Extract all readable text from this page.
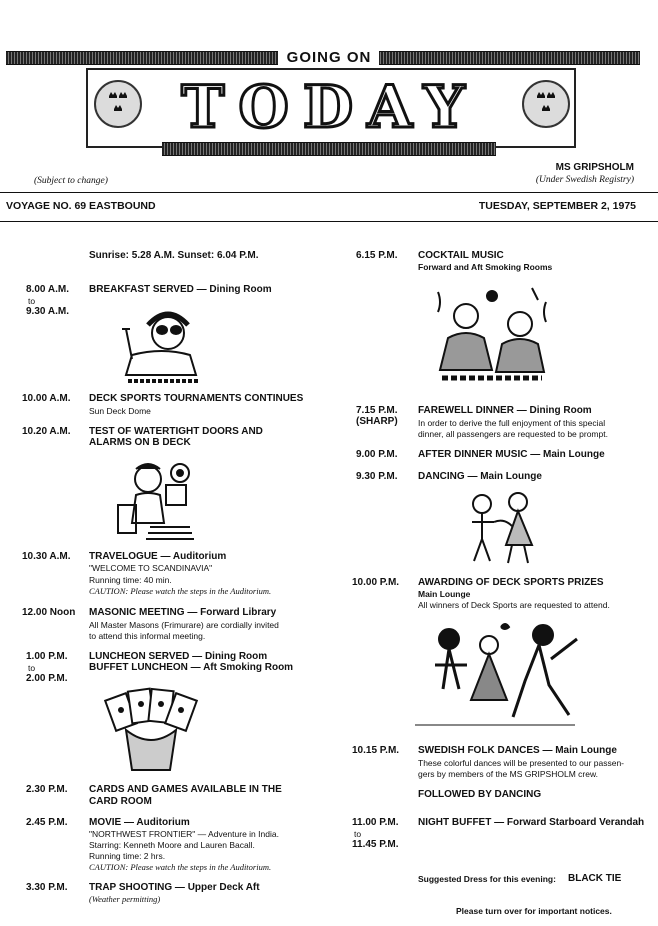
GOING ON
TODAY
(Subject to change)
MS GRIPSHOLM
(Under Swedish Registry)
VOYAGE NO. 69 EASTBOUND	TUESDAY, SEPTEMBER 2, 1975
Sunrise: 5.28 A.M. Sunset: 6.04 P.M.
8.00 A.M.
to
9.30 A.M.
BREAKFAST SERVED — Dining Room
10.00 A.M. DECK SPORTS TOURNAMENTS CONTINUES
Sun Deck Dome
10.20 A.M. TEST OF WATERTIGHT DOORS AND
ALARMS ON B DECK
10.30 A.M. TRAVELOGUE — Auditorium
"WELCOME TO SCANDINAVIA"
Running time: 40 min.
CAUTION: Please watch the steps in the Auditorium.
12.00 Noon MASONIC MEETING — Forward Library
All Master Masons (Frimurare) are cordially invited
to attend this informal meeting.
1.00 P.M.
to
2.00 P.M.
LUNCHEON SERVED — Dining Room
BUFFET LUNCHEON — Aft Smoking Room
2.30 P.M. CARDS AND GAMES AVAILABLE IN THE
CARD ROOM
2.45 P.M. MOVIE — Auditorium
"NORTHWEST FRONTIER" — Adventure in India.
Starring: Kenneth Moore and Lauren Bacall.
Running time: 2 hrs.
CAUTION: Please watch the steps in the Auditorium.
3.30 P.M. TRAP SHOOTING — Upper Deck Aft
(Weather permitting)
6.15 P.M. COCKTAIL MUSIC
Forward and Aft Smoking Rooms
7.15 P.M.
(SHARP)
FAREWELL DINNER — Dining Room
In order to derive the full enjoyment of this special
dinner, all passengers are requested to be prompt.
9.00 P.M. AFTER DINNER MUSIC — Main Lounge
9.30 P.M. DANCING — Main Lounge
10.00 P.M. AWARDING OF DECK SPORTS PRIZES
Main Lounge
All winners of Deck Sports are requested to attend.
10.15 P.M. SWEDISH FOLK DANCES — Main Lounge
These colorful dances will be presented to our passen-
gers by members of the MS GRIPSHOLM crew.
FOLLOWED BY DANCING
11.00 P.M.
to
11.45 P.M.
NIGHT BUFFET — Forward Starboard Verandah
Suggested Dress for this evening: BLACK TIE
Please turn over for important notices.
